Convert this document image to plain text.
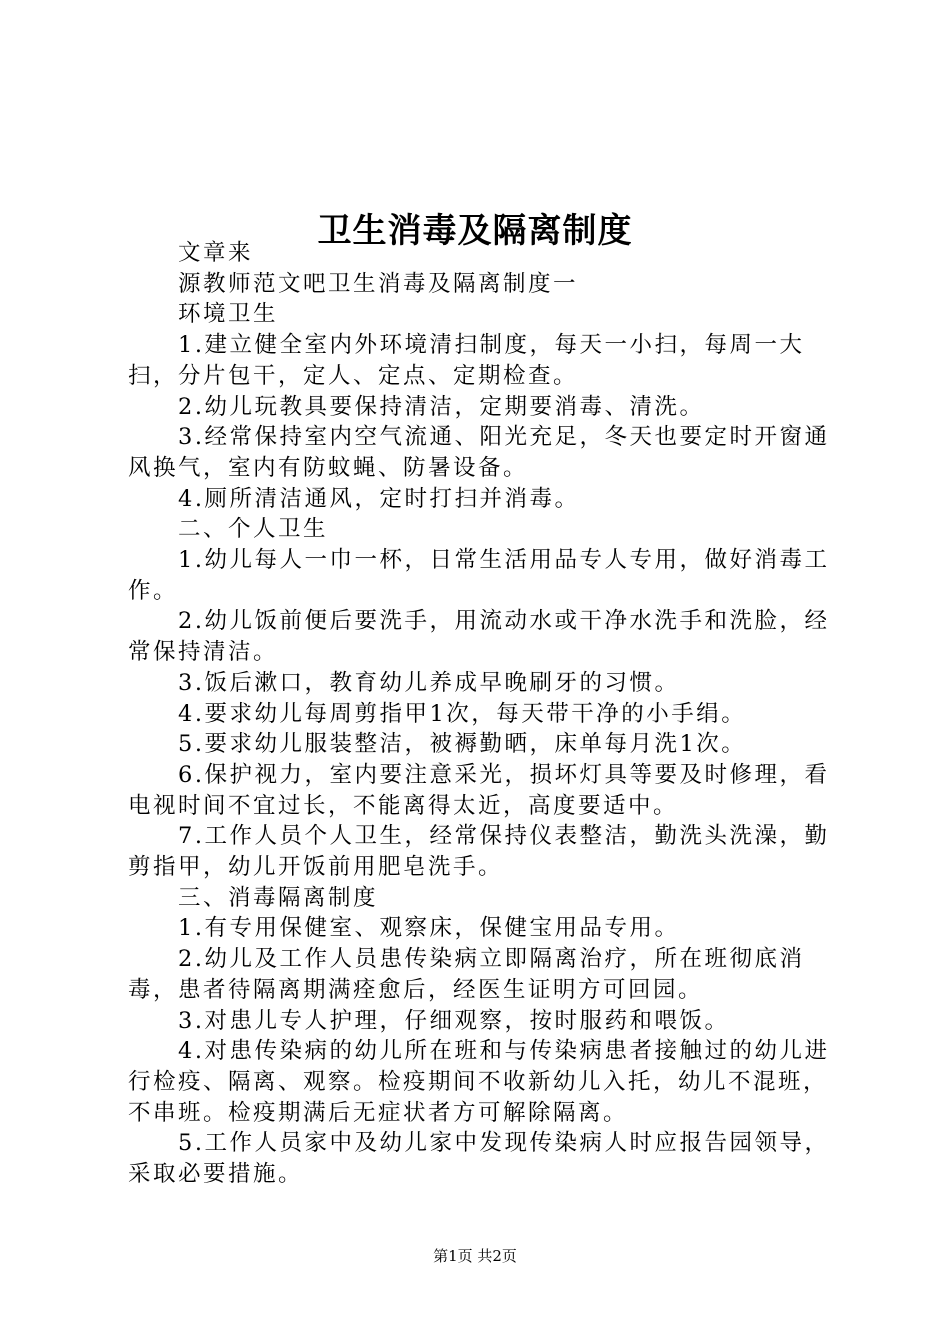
卫生消毒及隔离制度

文章来

源教师范文吧卫生消毒及隔离制度一

环境卫生

1.建立健全室内外环境清扫制度，每天一小扫，每周一大扫，分片包干，定人、定点、定期检查。

2.幼儿玩教具要保持清洁，定期要消毒、清洗。

3.经常保持室内空气流通、阳光充足，冬天也要定时开窗通风换气，室内有防蚊蝇、防暑设备。

4.厕所清洁通风，定时打扫并消毒。

二、个人卫生

1.幼儿每人一巾一杯，日常生活用品专人专用，做好消毒工作。

2.幼儿饭前便后要洗手，用流动水或干净水洗手和洗脸，经常保持清洁。

3.饭后漱口，教育幼儿养成早晚刷牙的习惯。

4.要求幼儿每周剪指甲1次，每天带干净的小手绢。

5.要求幼儿服装整洁，被褥勤晒，床单每月洗1次。

6.保护视力，室内要注意采光，损坏灯具等要及时修理，看电视时间不宜过长，不能离得太近，高度要适中。

7.工作人员个人卫生，经常保持仪表整洁，勤洗头洗澡，勤剪指甲，幼儿开饭前用肥皂洗手。

三、消毒隔离制度

1.有专用保健室、观察床，保健宝用品专用。

2.幼儿及工作人员患传染病立即隔离治疗，所在班彻底消毒，患者待隔离期满痊愈后，经医生证明方可回园。

3.对患儿专人护理，仔细观察，按时服药和喂饭。

4.对患传染病的幼儿所在班和与传染病患者接触过的幼儿进行检疫、隔离、观察。检疫期间不收新幼儿入托，幼儿不混班，不串班。检疫期满后无症状者方可解除隔离。

5.工作人员家中及幼儿家中发现传染病人时应报告园领导，采取必要措施。

第1页 共2页
